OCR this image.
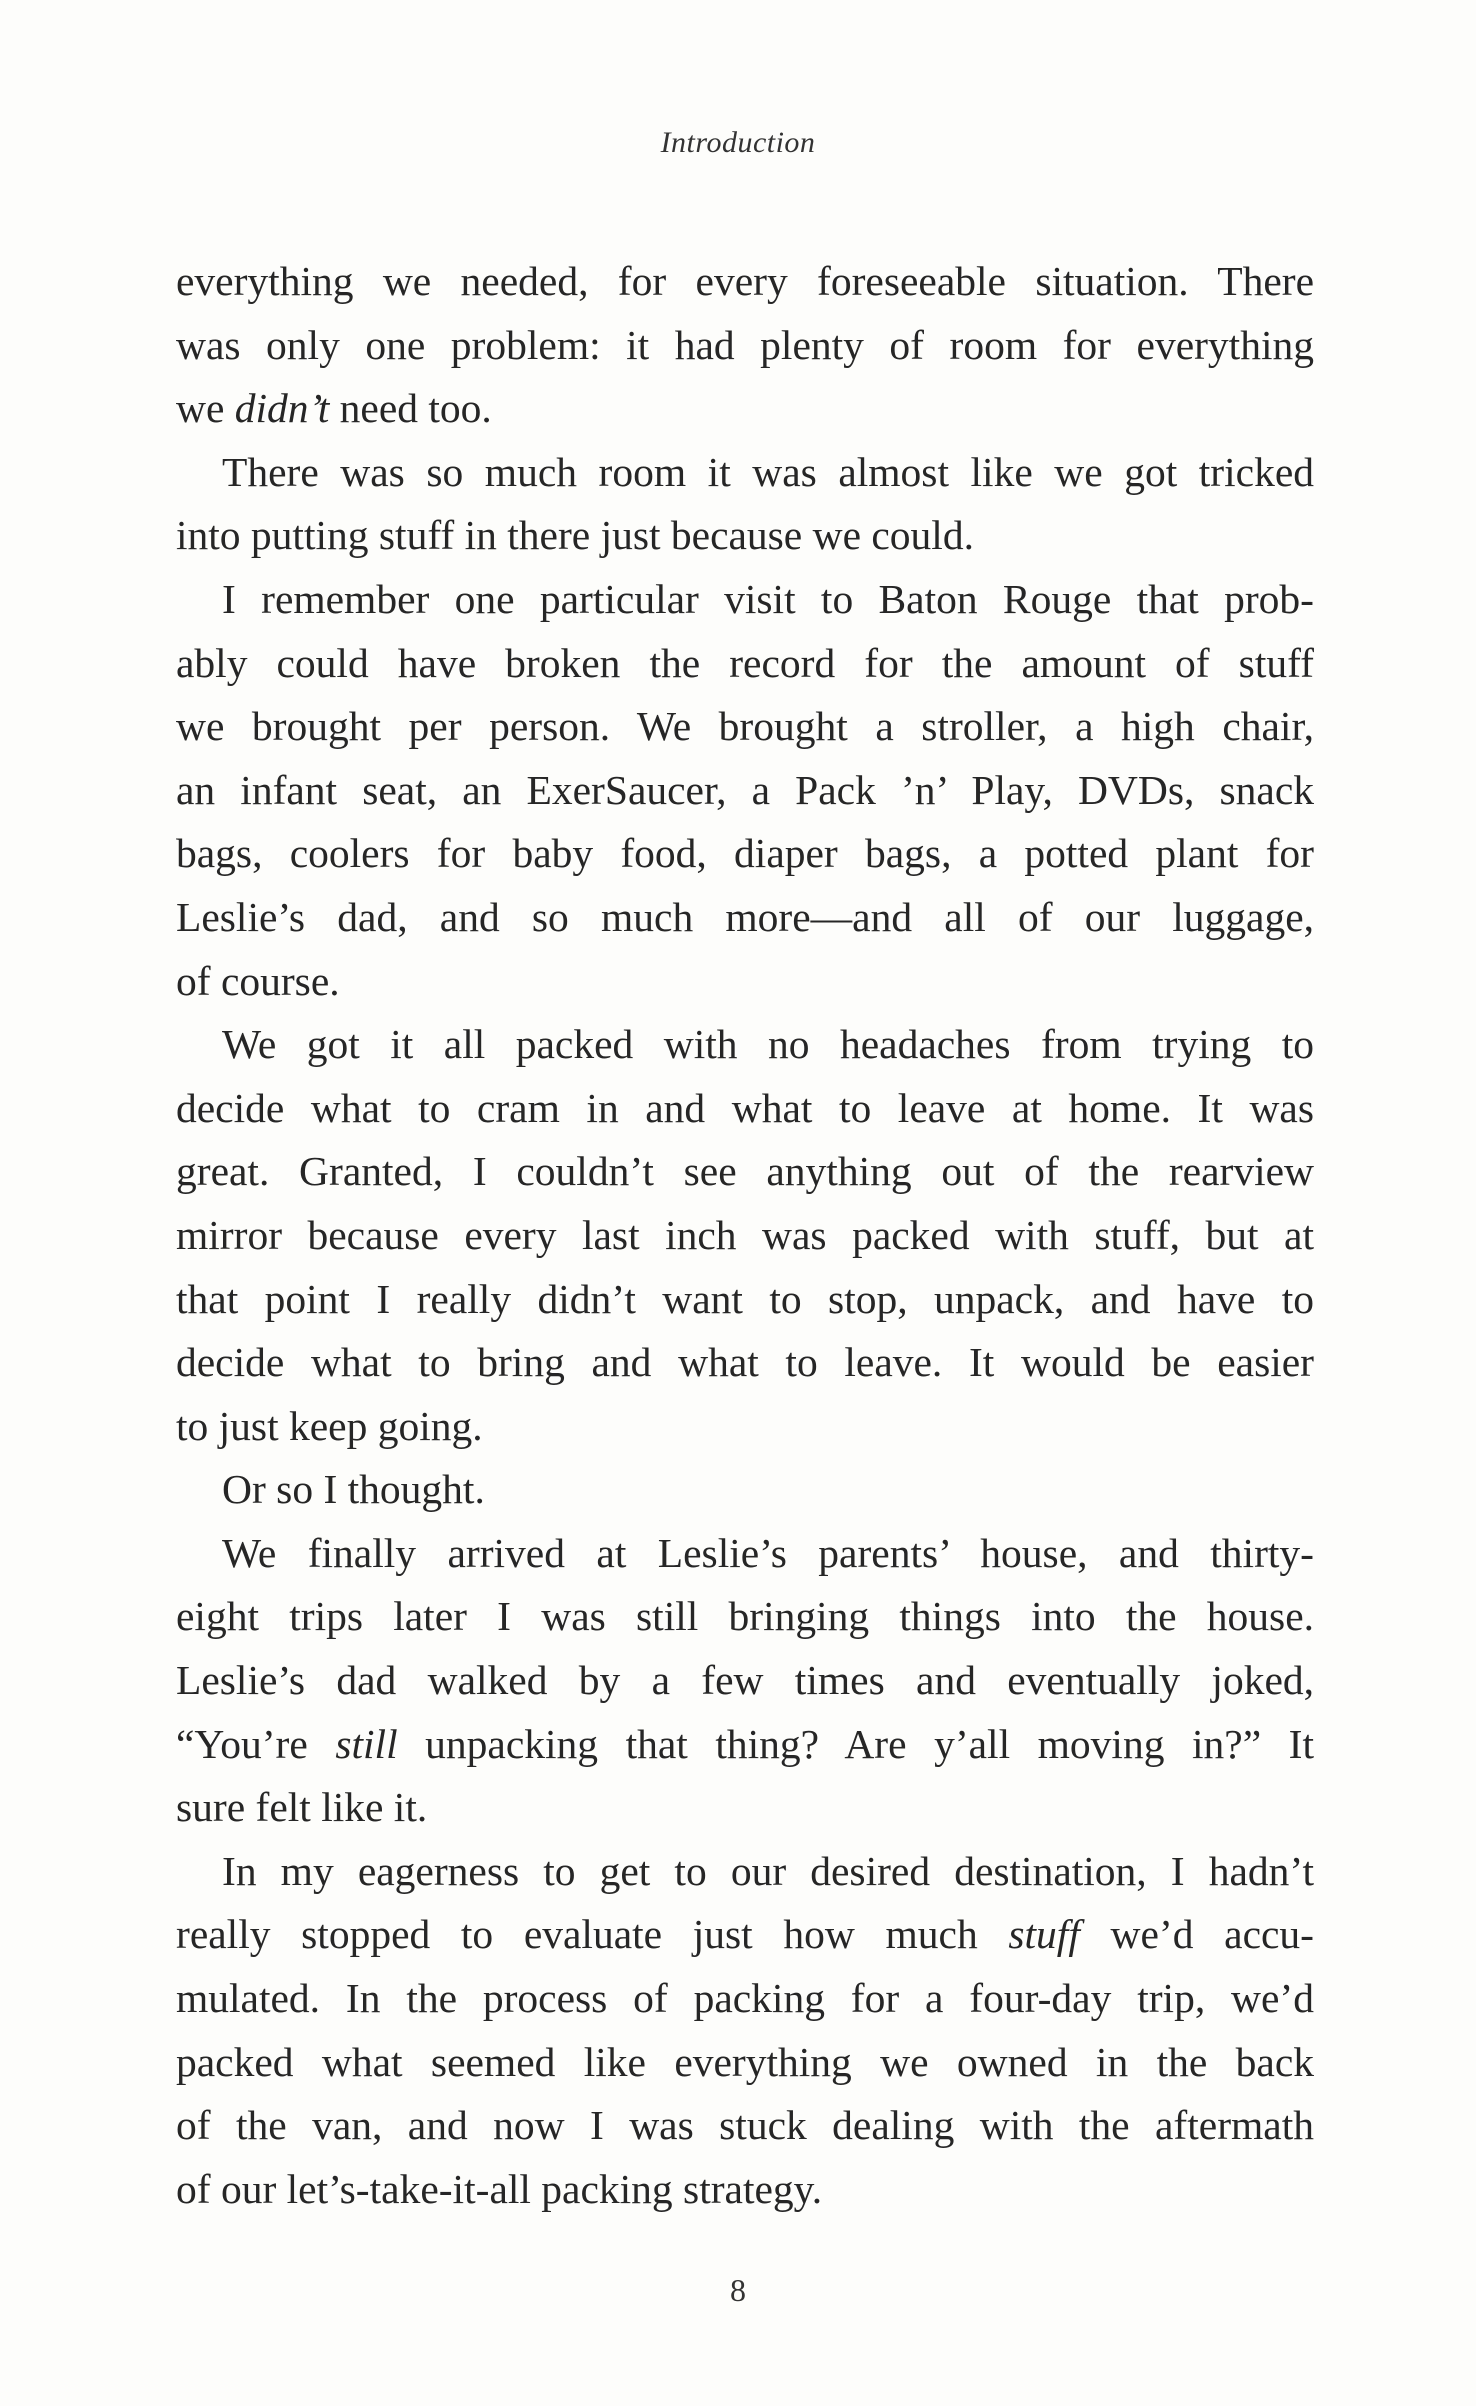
Introduction

everything we needed, for every foreseeable situation. There
was only one problem: it had plenty of room for everything
we didn’t need too.

There was so much room it was almost like we got tricked
into putting stuff in there just because we could.

I remember one particular visit to Baton Rouge that prob-
ably could have broken the record for the amount of stuff
we brought per person. We brought a stroller, a high chair,
an infant seat, an ExerSaucer, a Pack ’n’ Play, DVDs, snack
bags, coolers for baby food, diaper bags, a potted plant for
Leslie’s dad, and so much more—and all of our luggage,
of course.

We got it all packed with no headaches from trying to
decide what to cram in and what to leave at home. It was
great. Granted, I couldn’t see anything out of the rearview
mirror because every last inch was packed with stuff, but at
that point I really didn’t want to stop, unpack, and have to
decide what to bring and what to leave. It would be easier
to just keep going.

Or so I thought.

We finally arrived at Leslie’s parents’ house, and thirty-
eight trips later I was still bringing things into the house.
Leslie’s dad walked by a few times and eventually joked,
“You’re still unpacking that thing? Are y’all moving in?” It
sure felt like it.

In my eagerness to get to our desired destination, I hadn’t
really stopped to evaluate just how much stuff we’d accu-
mulated. In the process of packing for a four-day trip, we’d
packed what seemed like everything we owned in the back
of the van, and now I was stuck dealing with the aftermath
of our let’s-take-it-all packing strategy.

8
